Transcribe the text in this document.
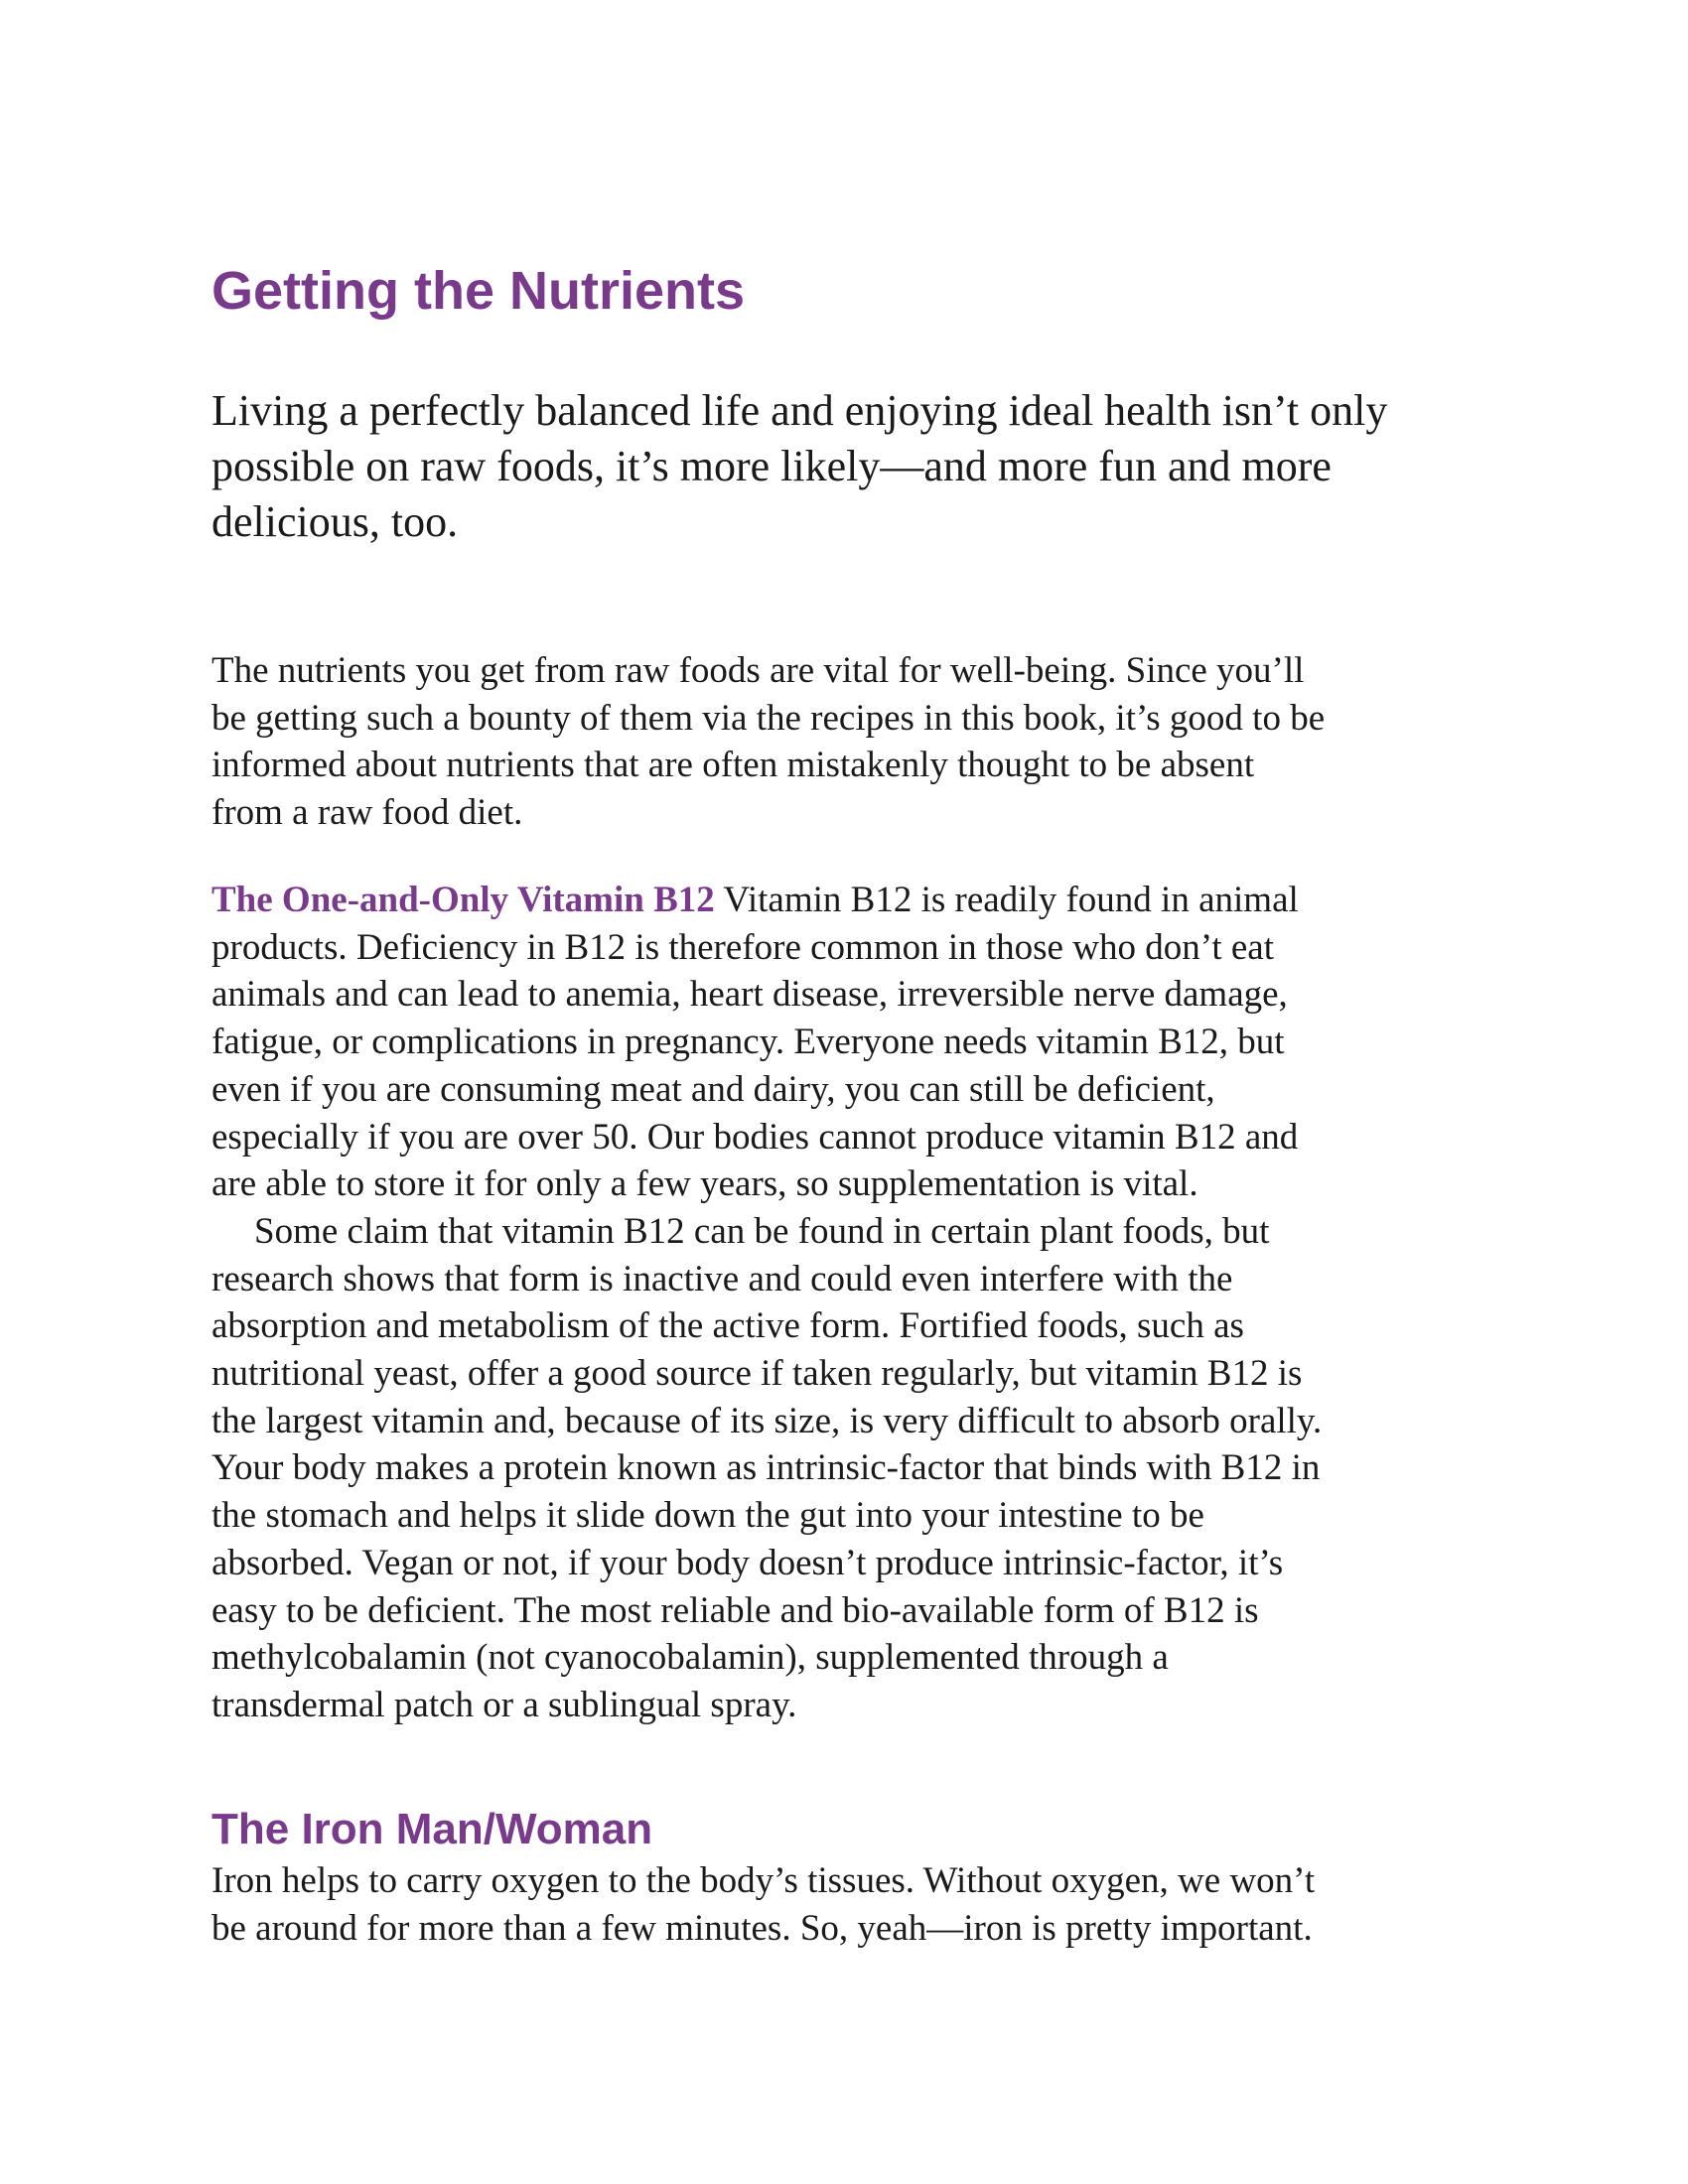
Getting the Nutrients

Living a perfectly balanced life and enjoying ideal health isn’t only
possible on raw foods, it’s more likely—and more fun and more
delicious, too.

The nutrients you get from raw foods are vital for well-being. Since you’ll
be getting such a bounty of them via the recipes in this book, it’s good to be
informed about nutrients that are often mistakenly thought to be absent
from a raw food diet.

The One-and-Only Vitamin B12 Vitamin B12 is readily found in animal
products. Deficiency in B12 is therefore common in those who don’t eat
animals and can lead to anemia, heart disease, irreversible nerve damage,
fatigue, or complications in pregnancy. Everyone needs vitamin B12, but
even if you are consuming meat and dairy, you can still be deficient,
especially if you are over 50. Our bodies cannot produce vitamin B12 and
are able to store it for only a few years, so supplementation is vital.
Some claim that vitamin B12 can be found in certain plant foods, but
research shows that form is inactive and could even interfere with the
absorption and metabolism of the active form. Fortified foods, such as
nutritional yeast, offer a good source if taken regularly, but vitamin B12 is
the largest vitamin and, because of its size, is very difficult to absorb orally.
Your body makes a protein known as intrinsic-factor that binds with B12 in
the stomach and helps it slide down the gut into your intestine to be
absorbed. Vegan or not, if your body doesn’t produce intrinsic-factor, it’s
easy to be deficient. The most reliable and bio-available form of B12 is
methylcobalamin (not cyanocobalamin), supplemented through a
transdermal patch or a sublingual spray.
The Iron Man/Woman

Iron helps to carry oxygen to the body’s tissues. Without oxygen, we won’t
be around for more than a few minutes. So, yeah—iron is pretty important.
